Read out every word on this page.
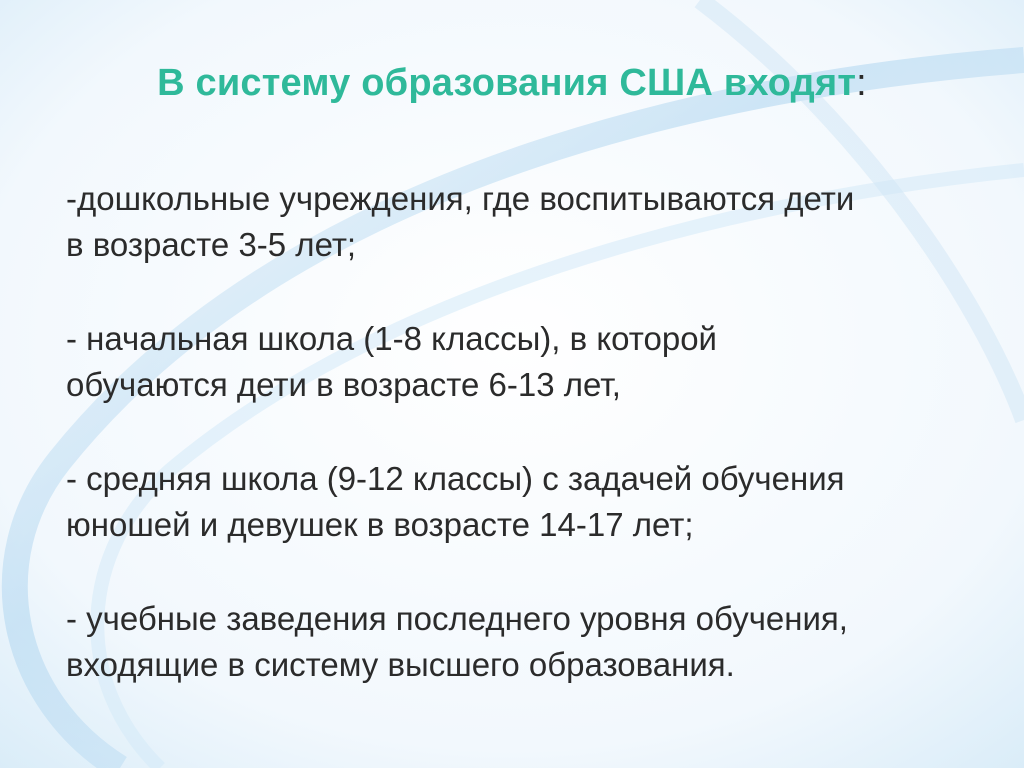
В систему образования США входят:

-дошкольные учреждения, где воспитываются дети
в возрасте 3-5 лет;

- начальная школа (1-8 классы), в которой
обучаются дети в возрасте 6-13 лет,

- средняя школа (9-12 классы) с задачей обучения
юношей и девушек в возрасте 14-17 лет;

- учебные заведения последнего уровня обучения,
входящие в систему высшего образования.
